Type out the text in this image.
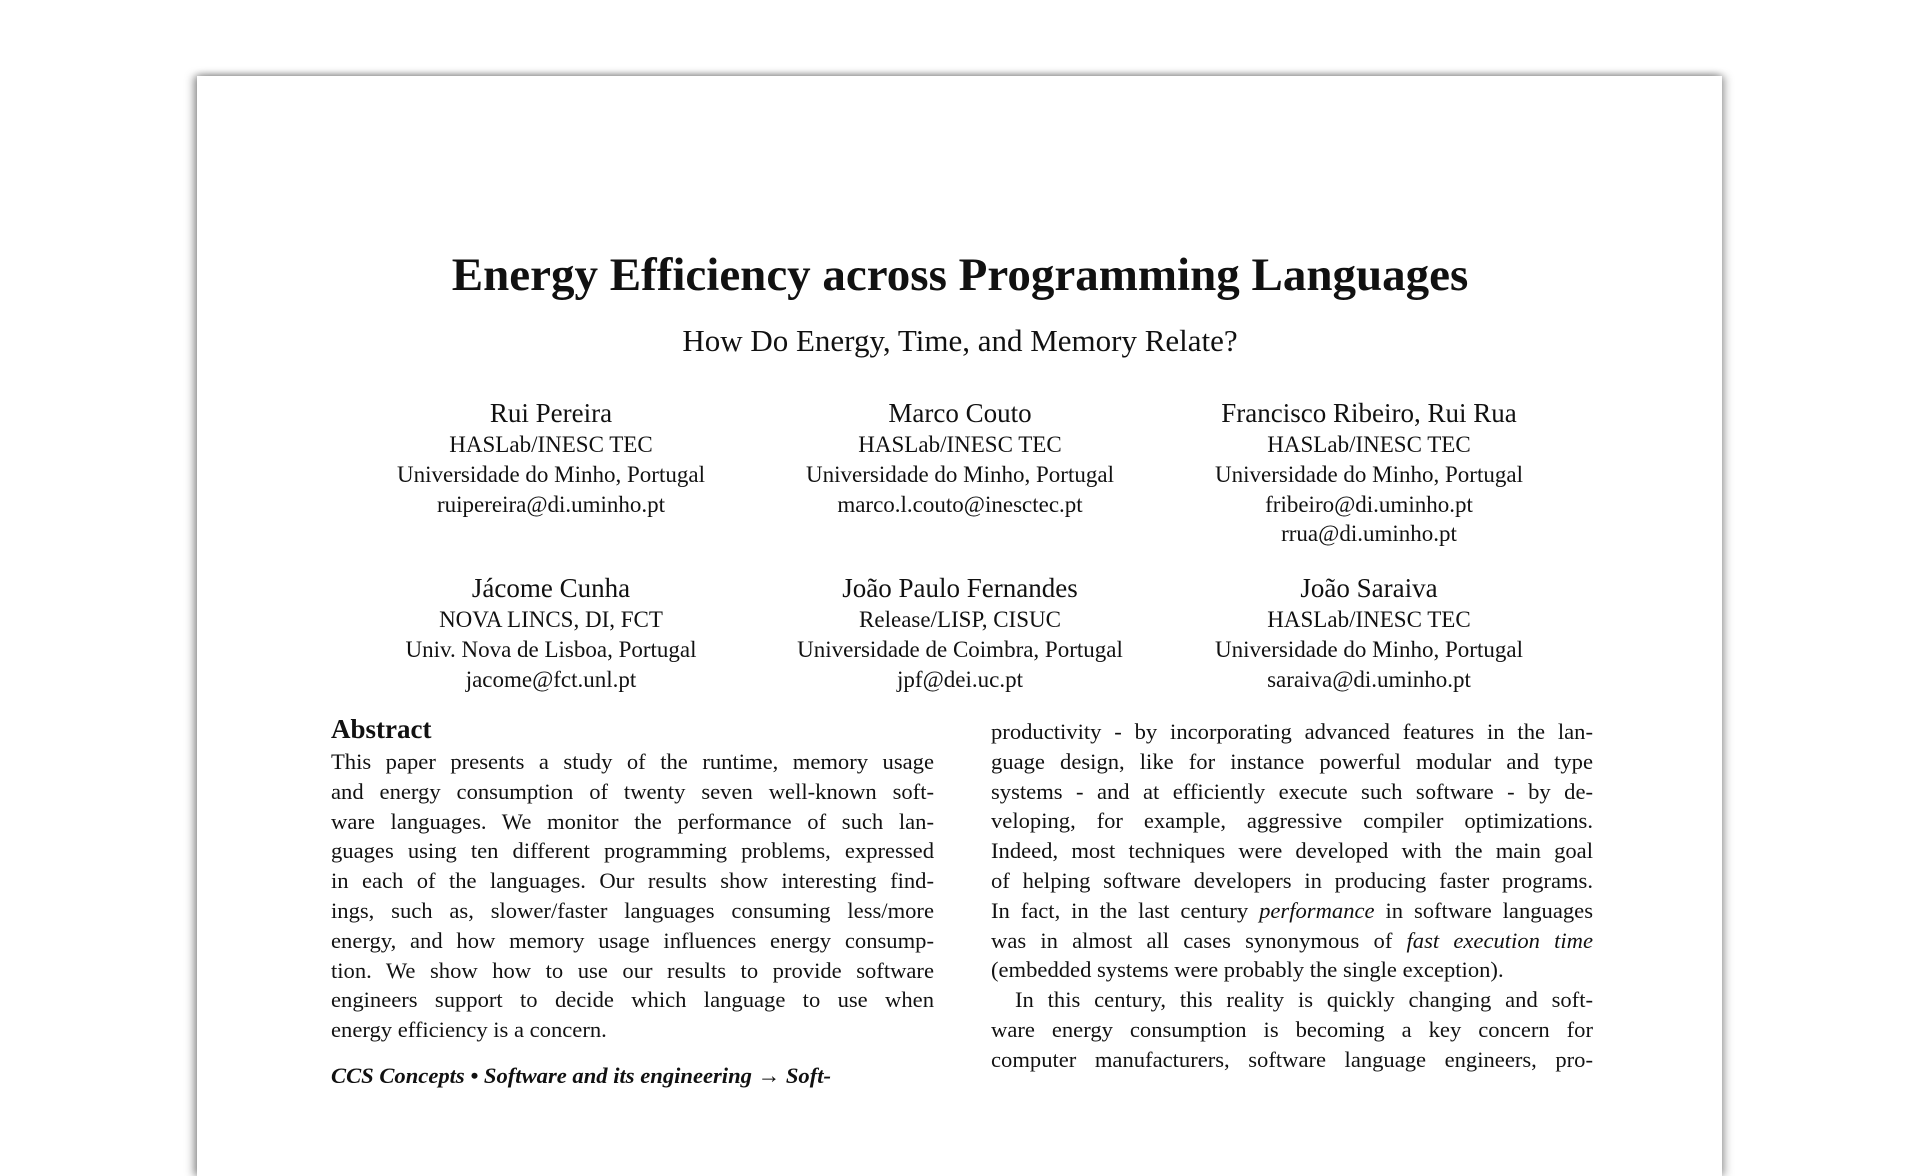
Energy Efficiency across Programming Languages
How Do Energy, Time, and Memory Relate?
Rui Pereira
HASLab/INESC TEC
Universidade do Minho, Portugal
ruipereira@di.uminho.pt
Marco Couto
HASLab/INESC TEC
Universidade do Minho, Portugal
marco.l.couto@inesctec.pt
Francisco Ribeiro, Rui Rua
HASLab/INESC TEC
Universidade do Minho, Portugal
fribeiro@di.uminho.pt
rrua@di.uminho.pt
Jácome Cunha
NOVA LINCS, DI, FCT
Univ. Nova de Lisboa, Portugal
jacome@fct.unl.pt
João Paulo Fernandes
Release/LISP, CISUC
Universidade de Coimbra, Portugal
jpf@dei.uc.pt
João Saraiva
HASLab/INESC TEC
Universidade do Minho, Portugal
saraiva@di.uminho.pt
Abstract
This paper presents a study of the runtime, memory usage
and energy consumption of twenty seven well-known soft-
ware languages. We monitor the performance of such lan-
guages using ten different programming problems, expressed
in each of the languages. Our results show interesting find-
ings, such as, slower/faster languages consuming less/more
energy, and how memory usage influences energy consump-
tion. We show how to use our results to provide software
engineers support to decide which language to use when
energy efficiency is a concern.
CCS Concepts • Software and its engineering → Soft-
productivity - by incorporating advanced features in the lan-
guage design, like for instance powerful modular and type
systems - and at efficiently execute such software - by de-
veloping, for example, aggressive compiler optimizations.
Indeed, most techniques were developed with the main goal
of helping software developers in producing faster programs.
In fact, in the last century performance in software languages
was in almost all cases synonymous of fast execution time
(embedded systems were probably the single exception).
In this century, this reality is quickly changing and soft-
ware energy consumption is becoming a key concern for
computer manufacturers, software language engineers, pro-
